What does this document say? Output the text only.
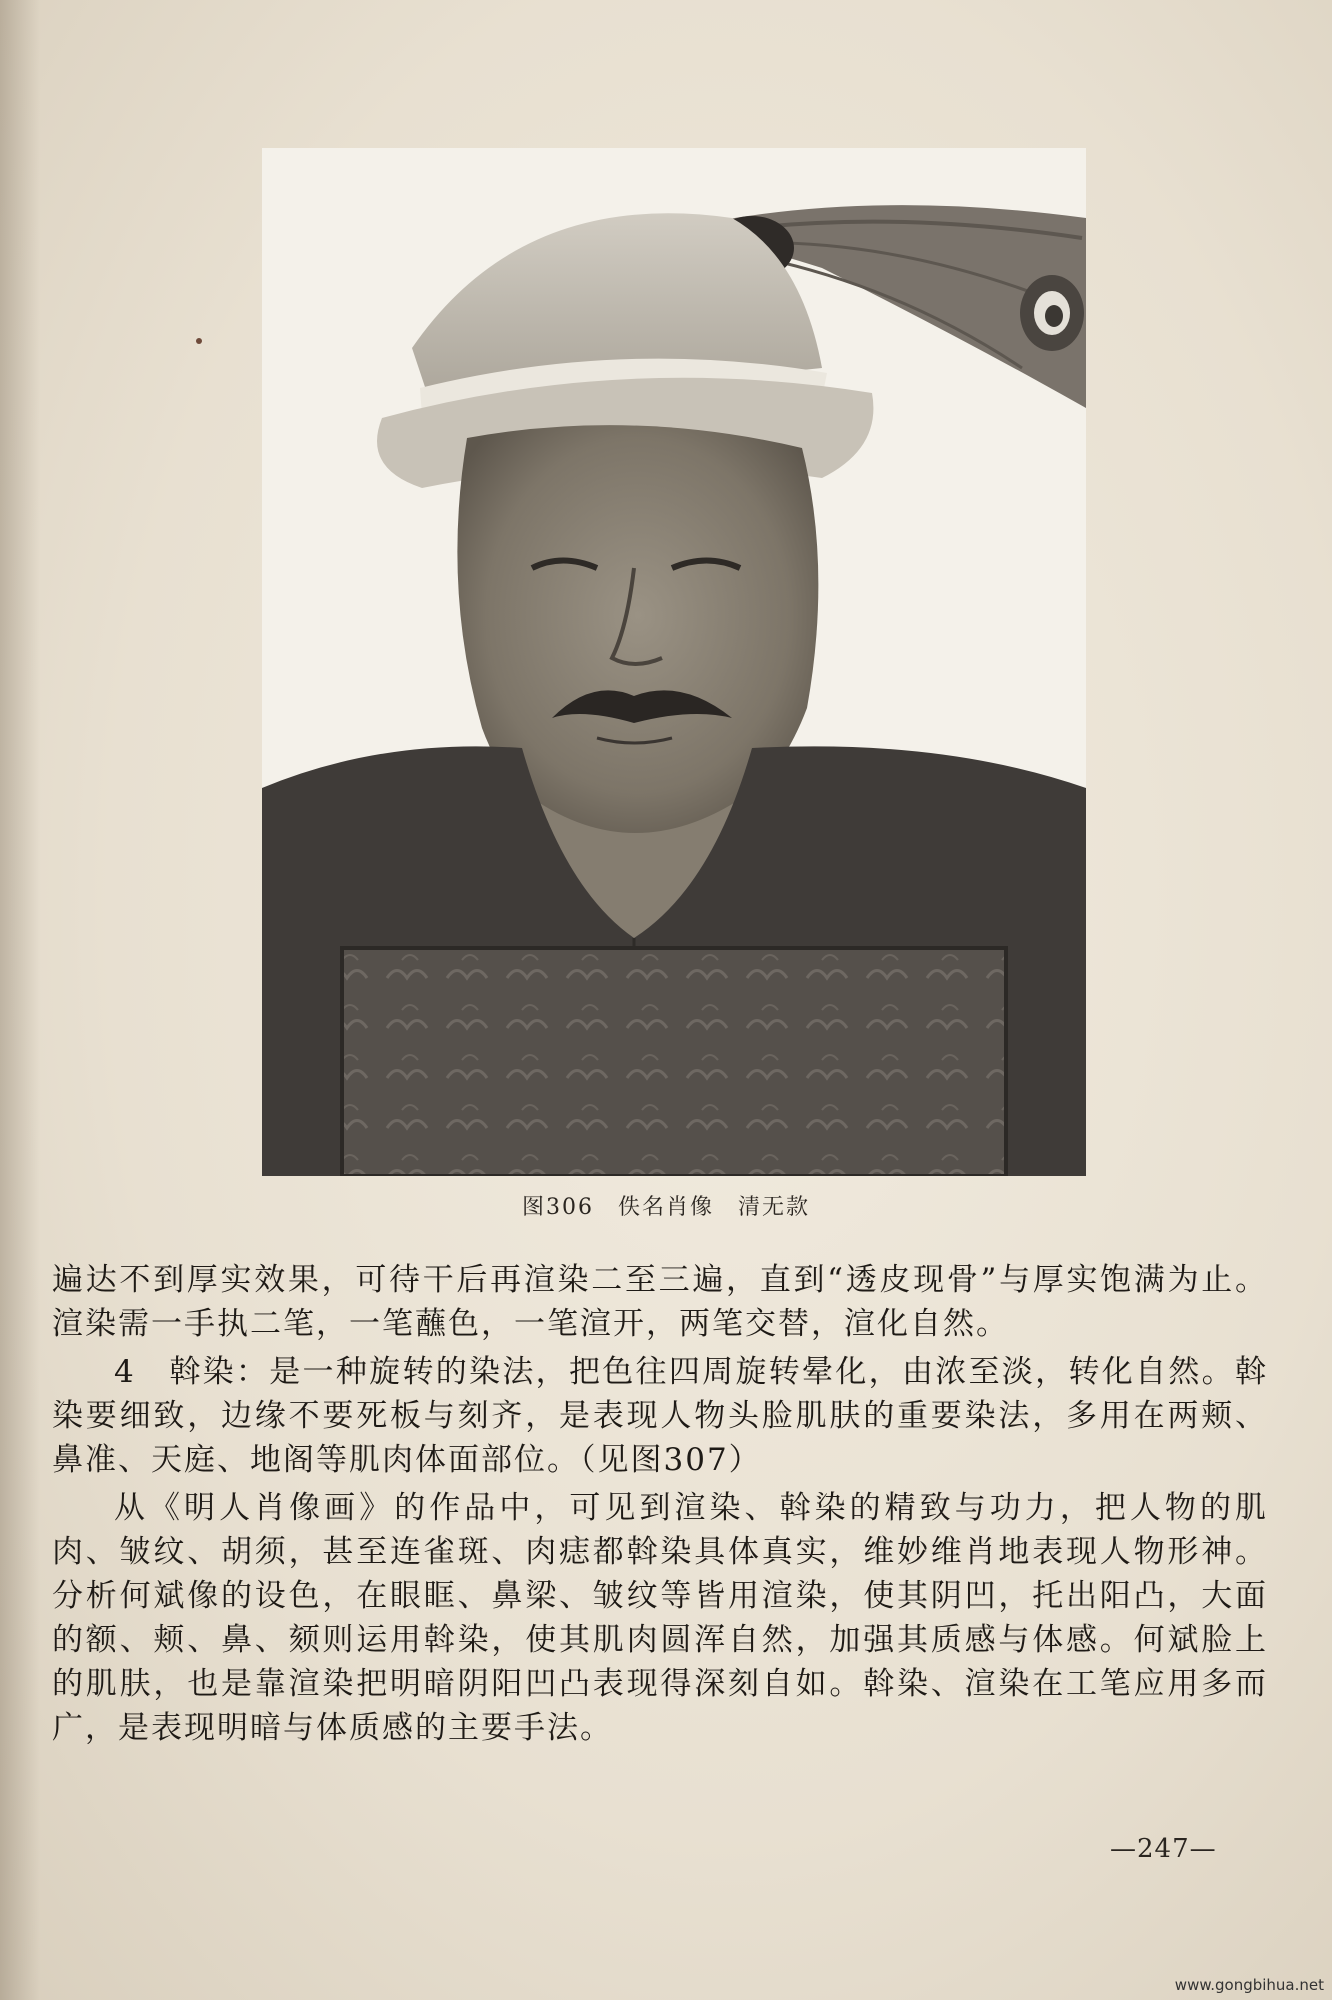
图306　佚名肖像　清无款

遍达不到厚实效果，可待干后再渲染二至三遍，直到“透皮现骨”与厚实饱满为止。渲染需一手执二笔，一笔蘸色，一笔渲开，两笔交替，渲化自然。

4　斡染：是一种旋转的染法，把色往四周旋转晕化，由浓至淡，转化自然。斡染要细致，边缘不要死板与刻齐，是表现人物头脸肌肤的重要染法，多用在两颊、鼻准、天庭、地阁等肌肉体面部位。（见图307）

从《明人肖像画》的作品中，可见到渲染、斡染的精致与功力，把人物的肌肉、皱纹、胡须，甚至连雀斑、肉痣都斡染具体真实，维妙维肖地表现人物形神。分析何斌像的设色，在眼眶、鼻梁、皱纹等皆用渲染，使其阴凹，托出阳凸，大面的额、颊、鼻、颏则运用斡染，使其肌肉圆浑自然，加强其质感与体感。何斌脸上的肌肤，也是靠渲染把明暗阴阳凹凸表现得深刻自如。斡染、渲染在工笔应用多而广，是表现明暗与体质感的主要手法。

—247—
www.gongbihua.net
